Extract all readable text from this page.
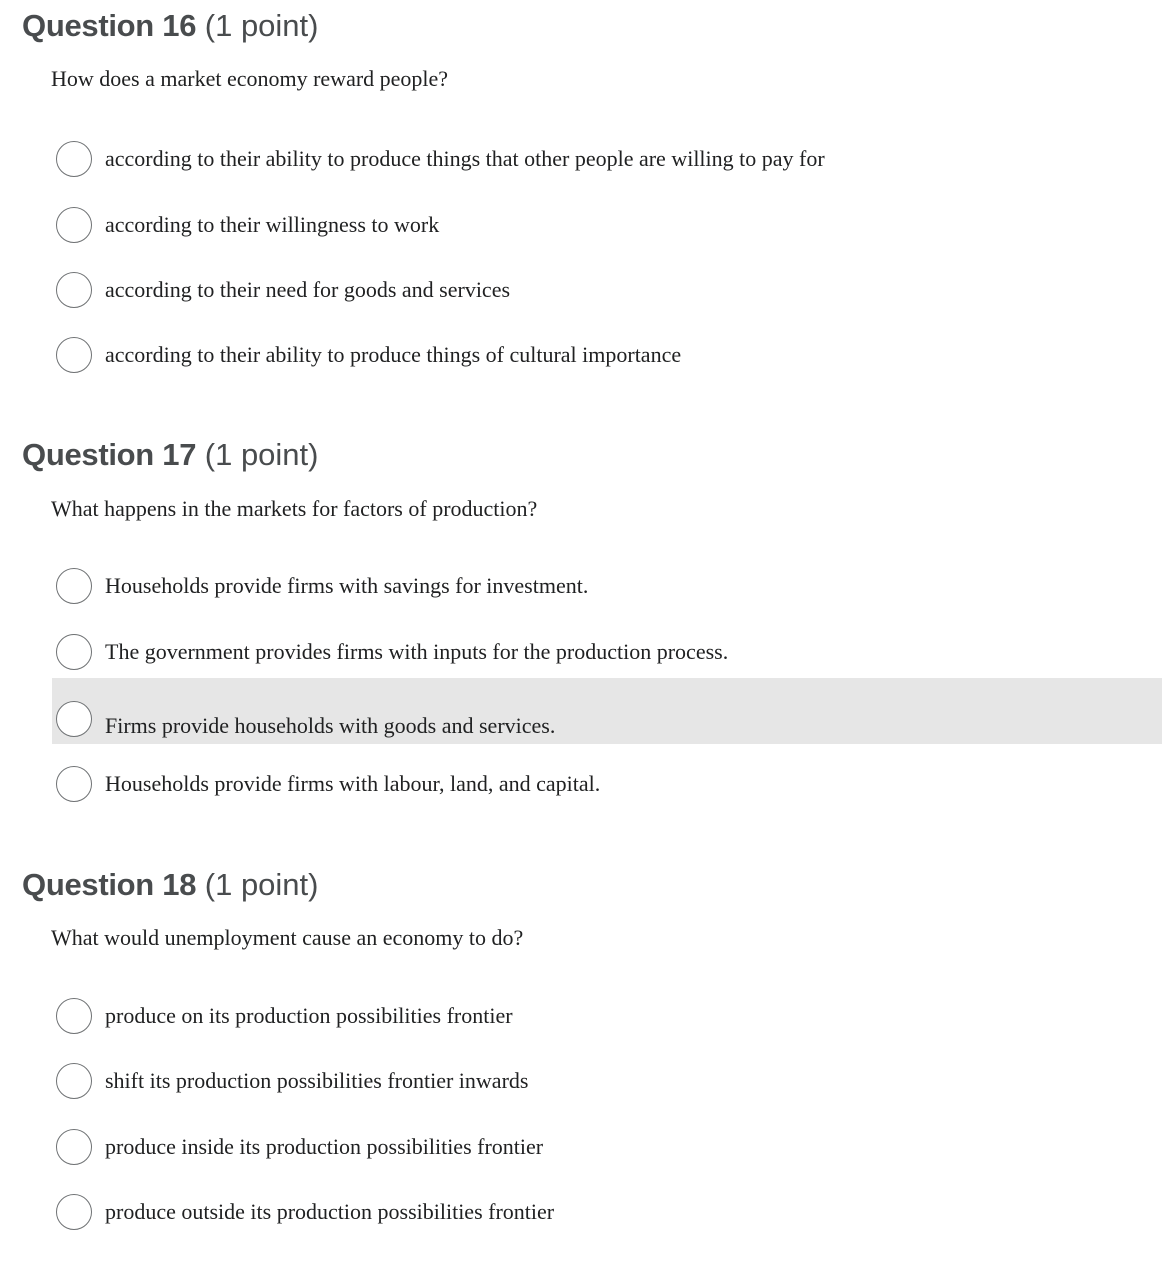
Question 16 (1 point)
How does a market economy reward people?
according to their ability to produce things that other people are willing to pay for
according to their willingness to work
according to their need for goods and services
according to their ability to produce things of cultural importance
Question 17 (1 point)
What happens in the markets for factors of production?
Households provide firms with savings for investment.
The government provides firms with inputs for the production process.
Firms provide households with goods and services.
Households provide firms with labour, land, and capital.
Question 18 (1 point)
What would unemployment cause an economy to do?
produce on its production possibilities frontier
shift its production possibilities frontier inwards
produce inside its production possibilities frontier
produce outside its production possibilities frontier
